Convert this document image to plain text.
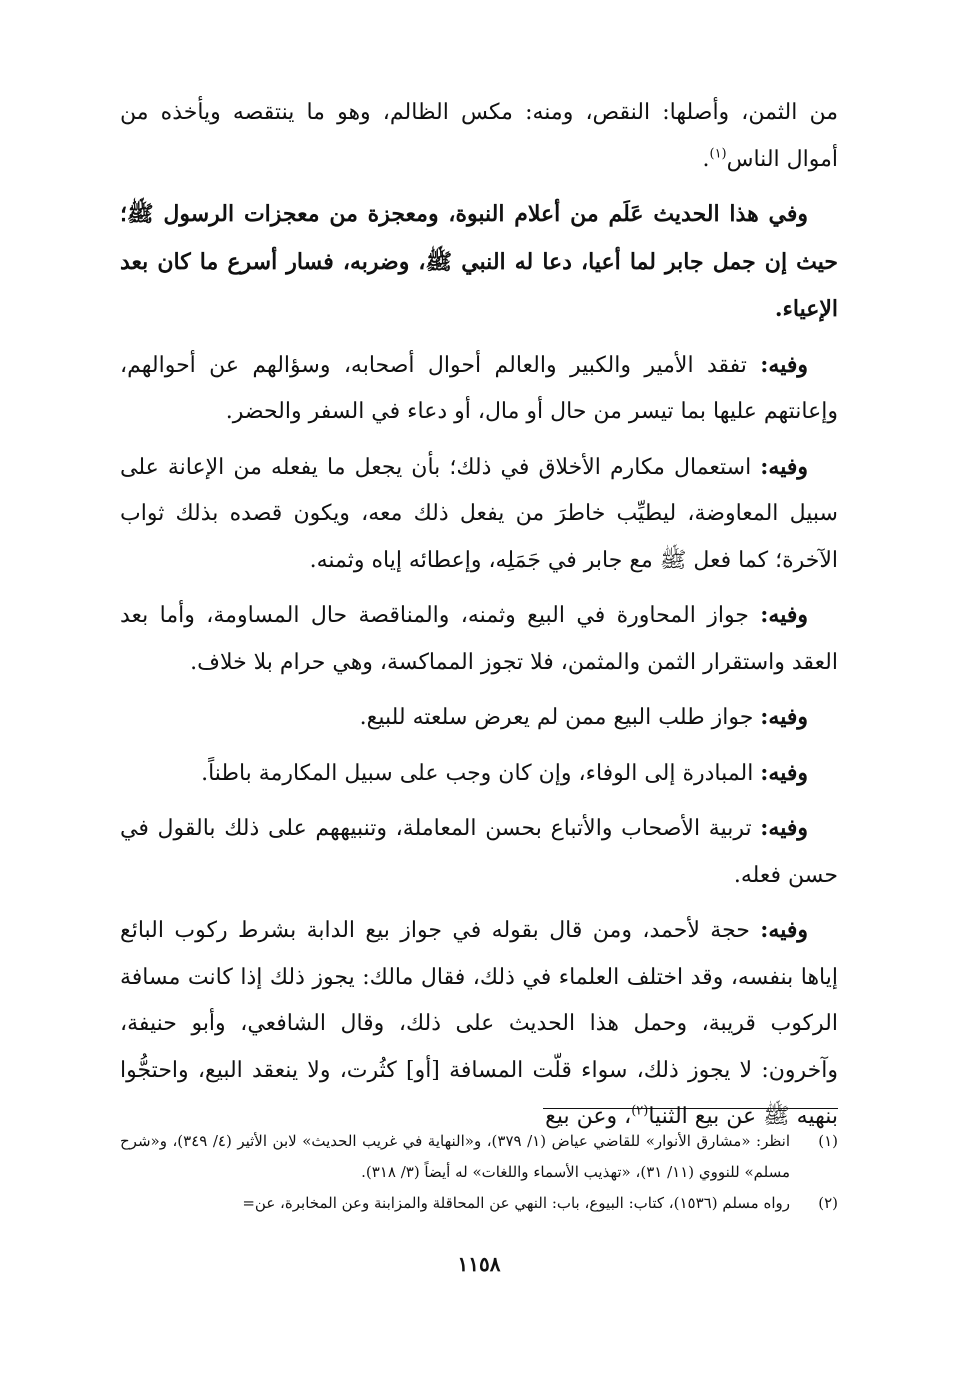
من الثمن، وأصلها: النقص، ومنه: مكس الظالم، وهو ما ينتقصه ويأخذه من أموال الناس$^{(١)}$.

وفي هذا الحديث عَلَم من أعلام النبوة، ومعجزة من معجزات الرسول ﷺ؛ حيث إن جمل جابر لما أعيا، دعا له النبي ﷺ، وضربه، فسار أسرع ما كان بعد الإعياء.

وفيه: تفقد الأمير والكبير والعالم أحوال أصحابه، وسؤالهم عن أحوالهم، وإعانتهم عليها بما تيسر من حال أو مال، أو دعاء في السفر والحضر.

وفيه: استعمال مكارم الأخلاق في ذلك؛ بأن يجعل ما يفعله من الإعانة على سبيل المعاوضة، ليطيِّب خاطرَ من يفعل ذلك معه، ويكون قصده بذلك ثواب الآخرة؛ كما فعل ﷺ مع جابر في جَمَلِه، وإعطائه إياه وثمنه.

وفيه: جواز المحاورة في البيع وثمنه، والمناقصة حال المساومة، وأما بعد العقد واستقرار الثمن والمثمن، فلا تجوز المماكسة، وهي حرام بلا خلاف.

وفيه: جواز طلب البيع ممن لم يعرض سلعته للبيع.

وفيه: المبادرة إلى الوفاء، وإن كان وجب على سبيل المكارمة باطناً.

وفيه: تربية الأصحاب والأتباع بحسن المعاملة، وتنبيههم على ذلك بالقول في حسن فعله.

وفيه: حجة لأحمد، ومن قال بقوله في جواز بيع الدابة بشرط ركوب البائع إياها بنفسه، وقد اختلف العلماء في ذلك، فقال مالك: يجوز ذلك إذا كانت مسافة الركوب قريبة، وحمل هذا الحديث على ذلك، وقال الشافعي، وأبو حنيفة، وآخرون: لا يجوز ذلك، سواء قلّت المسافة [أو] كثُرت، ولا ينعقد البيع، واحتجُّوا بنهيه ﷺ عن بيع الثنيا$^{(٢)}$، وعن بيع

(١)
انظر: «مشارق الأنوار» للقاضي عياض (١/ ٣٧٩)، و«النهاية في غريب الحديث» لابن الأثير (٤/ ٣٤٩)، و«شرح مسلم» للنووي (١١/ ٣١)، «تهذيب الأسماء واللغات» له أيضاً (٣/ ٣١٨).
(٢)
رواه مسلم (١٥٣٦)، كتاب: البيوع، باب: النهي عن المحاقلة والمزابنة وعن المخابرة، عن=
١١٥٨
